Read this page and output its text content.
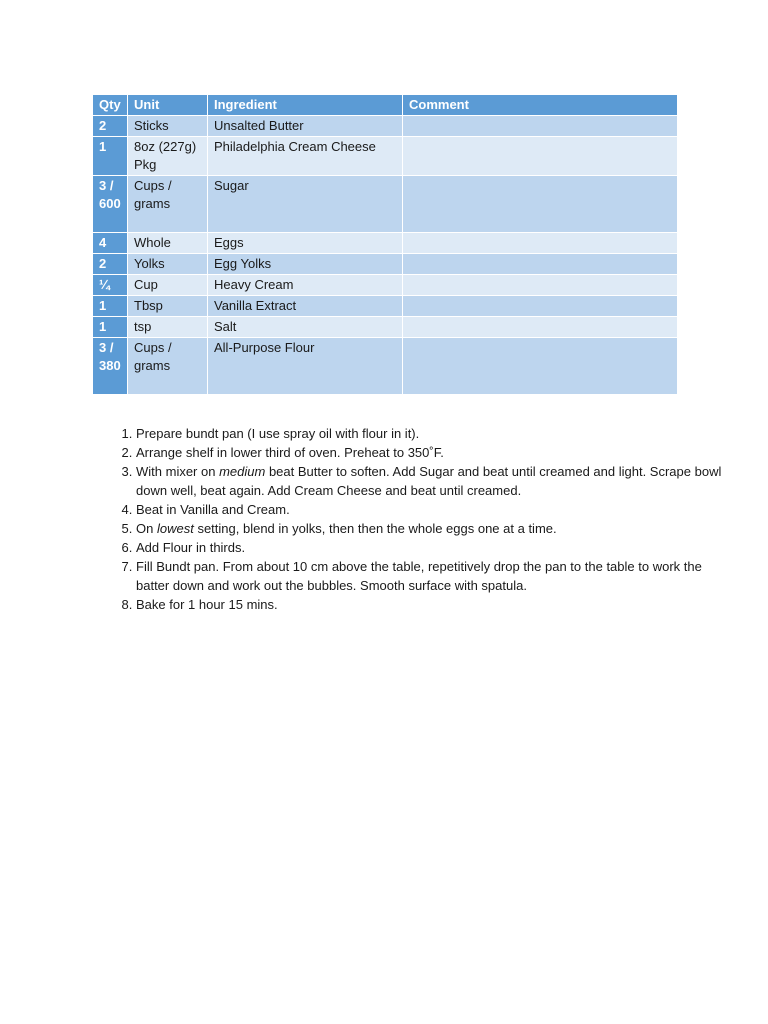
Qty	Unit	Ingredient	Comment
2	Sticks	Unsalted Butter	
1	8oz (227g) Pkg	Philadelphia Cream Cheese	
3 / 600	Cups / grams	Sugar	
4	Whole	Eggs	
2	Yolks	Egg Yolks	
¼	Cup	Heavy Cream	
1	Tbsp	Vanilla Extract	
1	tsp	Salt	
3 / 380	Cups / grams	All-Purpose Flour	
1. Prepare bundt pan (I use spray oil with flour in it).
2. Arrange shelf in lower third of oven. Preheat to 350˚F.
3. With mixer on medium beat Butter to soften. Add Sugar and beat until creamed and light. Scrape bowl down well, beat again. Add Cream Cheese and beat until creamed.
4. Beat in Vanilla and Cream.
5. On lowest setting, blend in yolks, then then the whole eggs one at a time.
6. Add Flour in thirds.
7. Fill Bundt pan. From about 10 cm above the table, repetitively drop the pan to the table to work the batter down and work out the bubbles. Smooth surface with spatula.
8. Bake for 1 hour 15 mins.
